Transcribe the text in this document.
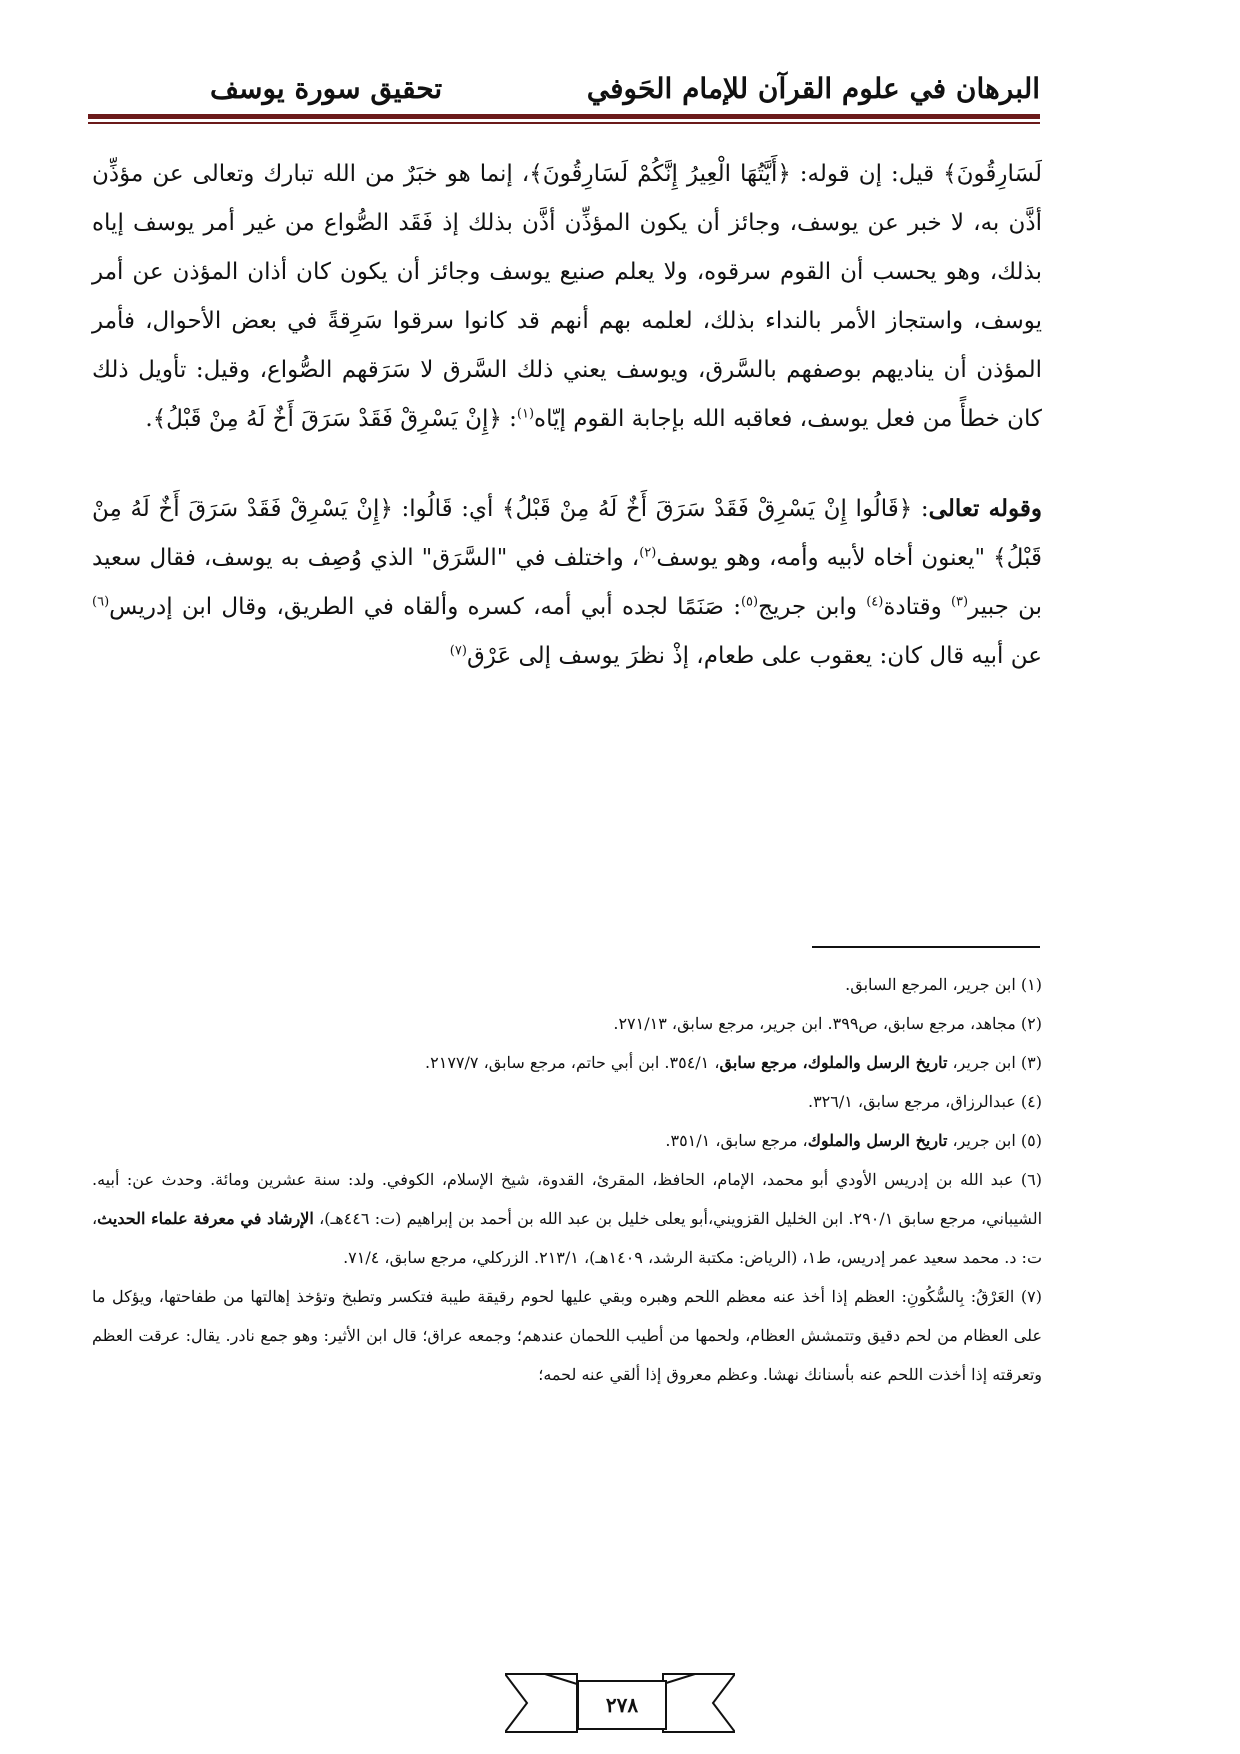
البرهان في علوم القرآن للإمام الحَوفي
تحقيق سورة يوسف

لَسَارِقُونَ﴾ قيل: إن قوله: ﴿أَيَّتُهَا الْعِيرُ إِنَّكُمْ لَسَارِقُونَ﴾، إنما هو خبَرٌ من الله تبارك وتعالى عن مؤذِّن أذَّن به، لا خبر عن يوسف، وجائز أن يكون المؤذِّن أذَّن بذلك إذ فَقَد الصُّواع من غير أمر يوسف إياه بذلك، وهو يحسب أن القوم سرقوه، ولا يعلم صنيع يوسف وجائز أن يكون كان أذان المؤذن عن أمر يوسف، واستجاز الأمر بالنداء بذلك، لعلمه بهم أنهم قد كانوا سرقوا سَرِقةً في بعض الأحوال، فأمر المؤذن أن يناديهم بوصفهم بالسَّرق، ويوسف يعني ذلك السَّرق لا سَرَقهم الصُّواع، وقيل: تأويل ذلك كان خطأً من فعل يوسف، فعاقبه الله بإجابة القوم إيّاه$^{(١)}$: ﴿إِنْ يَسْرِقْ فَقَدْ سَرَقَ أَخٌ لَهُ مِنْ قَبْلُ﴾.

وقوله تعالى: ﴿قَالُوا إِنْ يَسْرِقْ فَقَدْ سَرَقَ أَخٌ لَهُ مِنْ قَبْلُ﴾ أي: قَالُوا: ﴿إِنْ يَسْرِقْ فَقَدْ سَرَقَ أَخٌ لَهُ مِنْ قَبْلُ﴾ "يعنون أخاه لأبيه وأمه، وهو يوسف$^{(٢)}$، واختلف في "السَّرَق" الذي وُصِف به يوسف، فقال سعيد بن جبير$^{(٣)}$ وقتادة$^{(٤)}$ وابن جريج$^{(٥)}$: صَنَمًا لجده أبي أمه، كسره وألقاه في الطريق، وقال ابن إدريس$^{(٦)}$ عن أبيه قال كان: يعقوب على طعام، إذْ نظرَ يوسف إلى عَرْق$^{(٧)}$

(١) ابن جرير، المرجع السابق.

(٢) مجاهد، مرجع سابق، ص٣٩٩. ابن جرير، مرجع سابق، ٢٧١/١٣.

(٣) ابن جرير، تاريخ الرسل والملوك، مرجع سابق، ٣٥٤/١. ابن أبي حاتم، مرجع سابق، ٢١٧٧/٧.

(٤) عبدالرزاق، مرجع سابق، ٣٢٦/١.

(٥) ابن جرير، تاريخ الرسل والملوك، مرجع سابق، ٣٥١/١.

(٦) عبد الله بن إدريس الأودي أبو محمد، الإمام، الحافظ، المقرئ، القدوة، شيخ الإسلام، الكوفي. ولد: سنة عشرين ومائة. وحدث عن: أبيه. الشيباني، مرجع سابق ٢٩٠/١. ابن الخليل القزويني،أبو يعلى خليل بن عبد الله بن أحمد بن إبراهيم (ت: ٤٤٦هـ)، الإرشاد في معرفة علماء الحديث، ت: د. محمد سعيد عمر إدريس، ط١، (الرياض: مكتبة الرشد، ١٤٠٩هـ)، ٢١٣/١. الزركلي، مرجع سابق، ٧١/٤.

(٧) العَرْقُ: بِالسُّكُونِ: العظم إذا أخذ عنه معظم اللحم وهبره وبقي عليها لحوم رقيقة طيبة فتكسر وتطبخ وتؤخذ إهالتها من طفاحتها، ويؤكل ما على العظام من لحم دقيق وتتمشش العظام، ولحمها من أطيب اللحمان عندهم؛ وجمعه عراق؛ قال ابن الأثير: وهو جمع نادر. يقال: عرقت العظم وتعرقته إذا أخذت اللحم عنه بأسنانك نهشا. وعظم معروق إذا ألقي عنه لحمه؛

٢٧٨
